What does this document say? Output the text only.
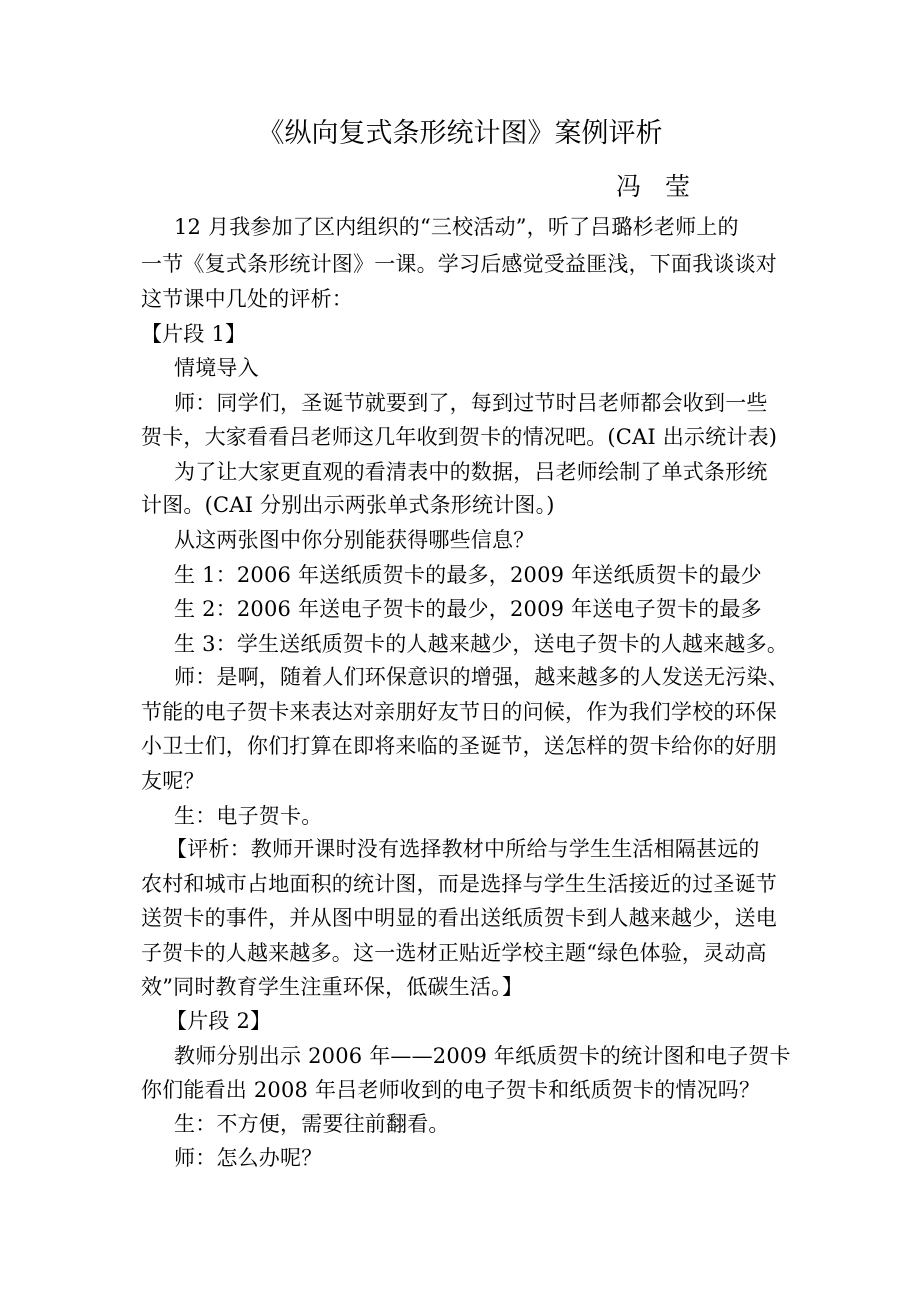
《纵向复式条形统计图》案例评析
冯 莹
12 月我参加了区内组织的“三校活动”，听了吕璐杉老师上的
一节《复式条形统计图》一课。学习后感觉受益匪浅，下面我谈谈对
这节课中几处的评析：
【片段 1】
情境导入
师：同学们，圣诞节就要到了，每到过节时吕老师都会收到一些
贺卡，大家看看吕老师这几年收到贺卡的情况吧。(CAI 出示统计表)
为了让大家更直观的看清表中的数据，吕老师绘制了单式条形统
计图。(CAI 分别出示两张单式条形统计图。)
从这两张图中你分别能获得哪些信息？
生 1：2006 年送纸质贺卡的最多，2009 年送纸质贺卡的最少
生 2：2006 年送电子贺卡的最少，2009 年送电子贺卡的最多
生 3：学生送纸质贺卡的人越来越少，送电子贺卡的人越来越多。
师：是啊，随着人们环保意识的增强，越来越多的人发送无污染、
节能的电子贺卡来表达对亲朋好友节日的问候，作为我们学校的环保
小卫士们，你们打算在即将来临的圣诞节，送怎样的贺卡给你的好朋
友呢？
生：电子贺卡。
【评析：教师开课时没有选择教材中所给与学生生活相隔甚远的
农村和城市占地面积的统计图，而是选择与学生生活接近的过圣诞节
送贺卡的事件，并从图中明显的看出送纸质贺卡到人越来越少，送电
子贺卡的人越来越多。这一选材正贴近学校主题“绿色体验，灵动高
效”同时教育学生注重环保，低碳生活。】
【片段 2】
教师分别出示 2006 年——2009 年纸质贺卡的统计图和电子贺卡
你们能看出 2008 年吕老师收到的电子贺卡和纸质贺卡的情况吗？
生：不方便，需要往前翻看。
师：怎么办呢？
